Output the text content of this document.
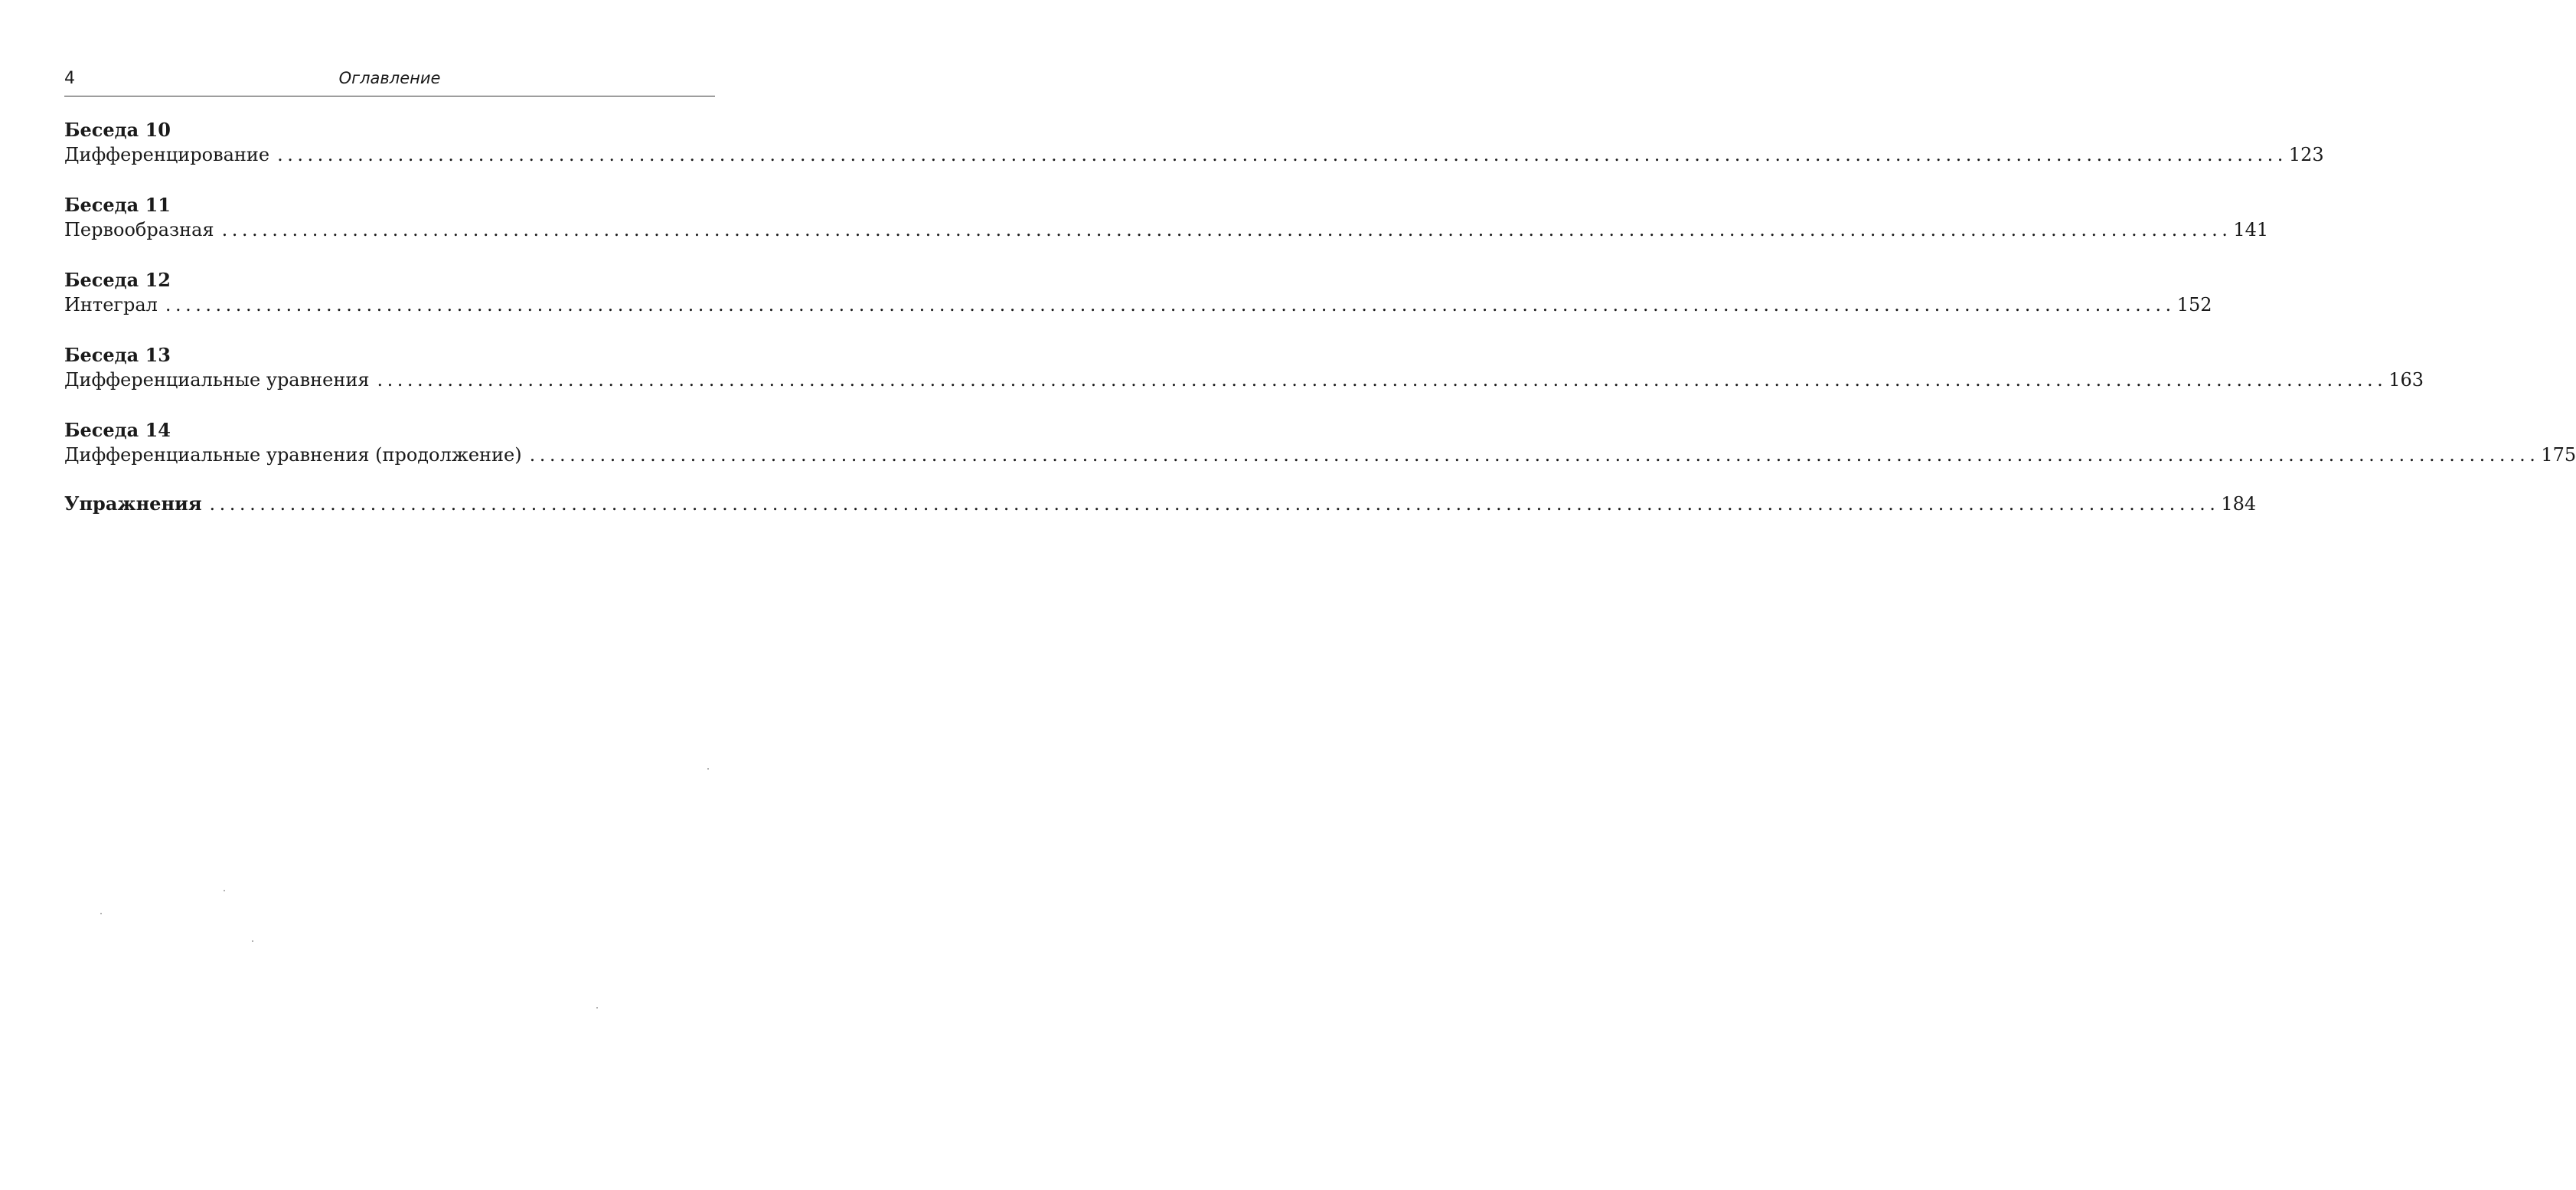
4	Оглавление
Беседа 10
Дифференцирование ........................................................................................................................................................................................................ 123
Беседа 11
Первообразная ........................................................................................................................................................................................................ 141
Беседа 12
Интеграл ........................................................................................................................................................................................................ 152
Беседа 13
Дифференциальные уравнения ........................................................................................................................................................................................................ 163
Беседа 14
Дифференциальные уравнения (продолжение) ........................................................................................................................................................................................................ 175
Упражнения ........................................................................................................................................................................................................ 184
